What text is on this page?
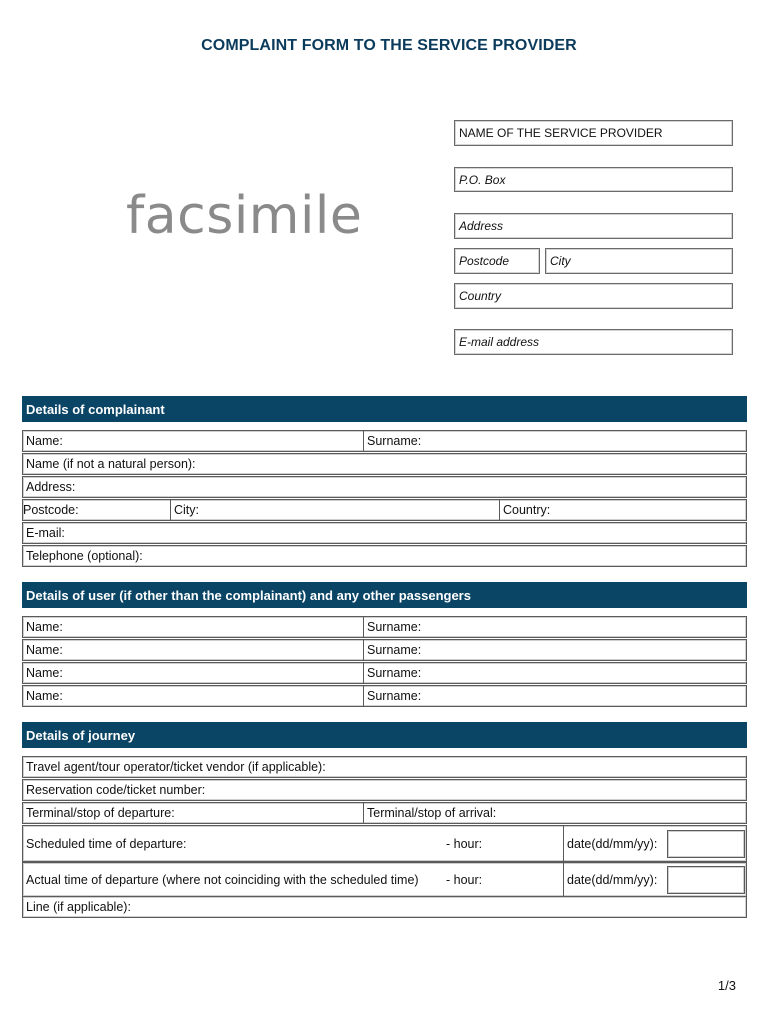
COMPLAINT FORM TO THE SERVICE PROVIDER
facsimile
NAME OF THE SERVICE PROVIDER
P.O. Box
Address
Postcode	City
Country
E-mail address
Details of complainant
Name:	Surname:
Name (if not a natural person):
Address:
Postcode:	City:	Country:
E-mail:
Telephone (optional):
Details of user (if other than the complainant) and any other passengers
Name:	Surname:
Name:	Surname:
Name:	Surname:
Name:	Surname:
Details of journey
Travel agent/tour operator/ticket vendor (if applicable):
Reservation code/ticket number:
Terminal/stop of departure:	Terminal/stop of arrival:
Scheduled time of departure:	- hour:	date(dd/mm/yy):
Actual time of departure (where not coinciding with the scheduled time)	- hour:	date(dd/mm/yy):
Line (if applicable):
1/3
